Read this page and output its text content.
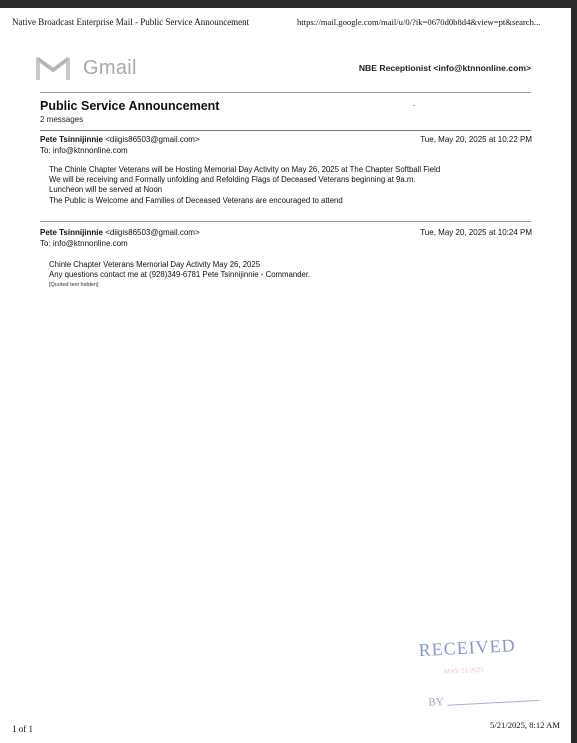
Native Broadcast Enterprise Mail - Public Service Announcement	https://mail.google.com/mail/u/0/?ik=0670d0b8d4&view=pt&search...
Gmail	NBE Receptionist <info@ktnnonline.com>
Public Service Announcement
2 messages
Pete Tsinnijinnie <diigis86503@gmail.com>	Tue, May 20, 2025 at 10:22 PM
To: info@ktnnonline.com
The Chinle Chapter Veterans will be Hosting Memorial Day Activity on May 26, 2025 at The Chapter Softball Field
We will be receiving and Formally unfolding and Refolding Flags of Deceased Veterans beginning at 9a.m.
Luncheon will be served at Noon
The Public is Welcome and Families of Deceased Veterans are encouraged to attend
Pete Tsinnijinnie <diigis86503@gmail.com>	Tue, May 20, 2025 at 10:24 PM
To: info@ktnnonline.com
Chinle Chapter Veterans Memorial Day Activity May 26, 2025
Any questions contact me at (928)349-6781 Pete Tsinnijinnie - Commander.
[Quoted text hidden]
RECEIVED
MAY 21 2025
BY
1 of 1	5/21/2025, 8:12 AM
